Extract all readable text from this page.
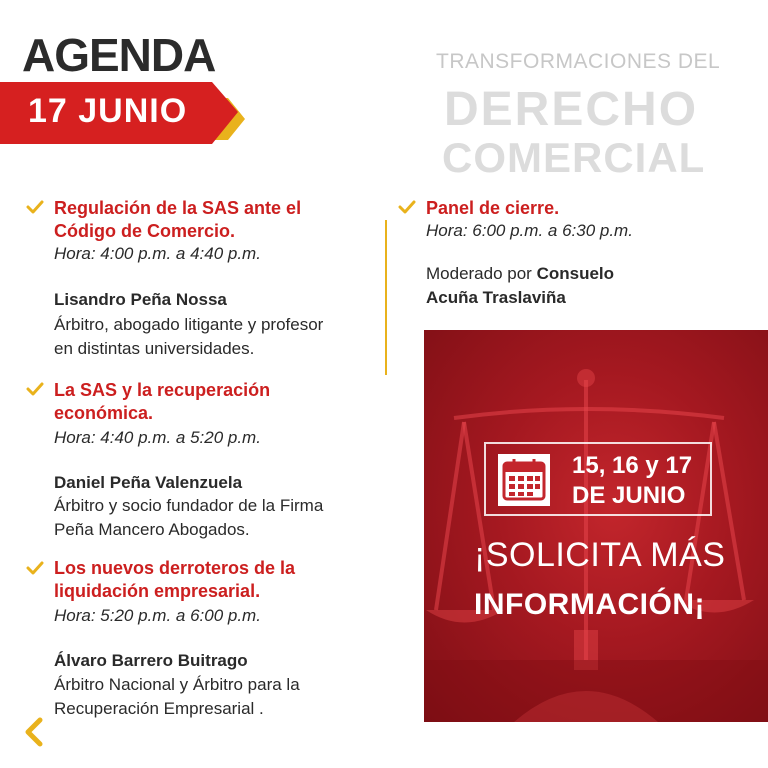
AGENDA
17 JUNIO
TRANSFORMACIONES DEL
DERECHO
COMERCIAL
Regulación de la SAS ante el
Código de Comercio.
Hora: 4:00 p.m. a 4:40 p.m.
Lisandro Peña Nossa
Árbitro, abogado litigante y profesor
en distintas universidades.
La SAS y la recuperación
económica.
Hora: 4:40 p.m. a 5:20 p.m.
Daniel Peña Valenzuela
Árbitro y socio fundador de la Firma
Peña Mancero Abogados.
Los nuevos derroteros de la
liquidación empresarial.
Hora: 5:20 p.m. a 6:00 p.m.
Álvaro Barrero Buitrago
Árbitro Nacional y Árbitro para la
Recuperación Empresarial .
Panel de cierre.
Hora: 6:00 p.m. a 6:30 p.m.
Moderado por Consuelo
Acuña Traslaviña
15, 16 y 17
DE JUNIO
¡SOLICITA MÁS
INFORMACIÓN¡
